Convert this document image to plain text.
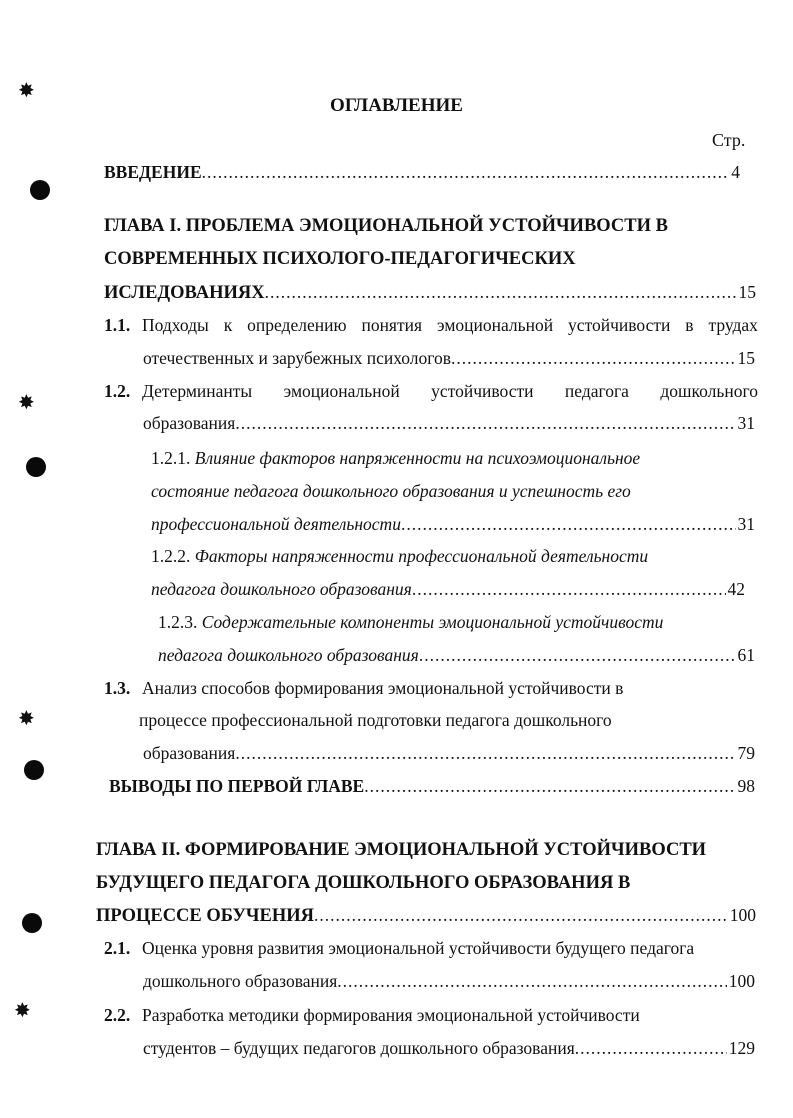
✸
✸
✸
✸
ОГЛАВЛЕНИЕ
Стр.
ВВЕДЕНИЕ .....	4
ГЛАВА I. ПРОБЛЕМА ЭМОЦИОНАЛЬНОЙ УСТОЙЧИВОСТИ В
СОВРЕМЕННЫХ ПСИХОЛОГО-ПЕДАГОГИЧЕСКИХ
ИСЛЕДОВАНИЯХ .....	15
1.1. Подходы к определению понятия эмоциональной устойчивости в трудах
отечественных и зарубежных психологов .....	15
1.2. Детерминанты эмоциональной устойчивости педагога дошкольного
образования .....	31
1.2.1. Влияние факторов напряженности на психоэмоциональное
состояние педагога дошкольного образования и успешность его
профессиональной деятельности .....	31
1.2.2. Факторы напряженности профессиональной деятельности
педагога дошкольного образования .....	42
1.2.3. Содержательные компоненты эмоциональной устойчивости
педагога дошкольного образования .....	61
1.3. Анализ способов формирования эмоциональной устойчивости в
процессе профессиональной подготовки педагога дошкольного
образования .....	79
ВЫВОДЫ ПО ПЕРВОЙ ГЛАВЕ .....	98
ГЛАВА II. ФОРМИРОВАНИЕ ЭМОЦИОНАЛЬНОЙ УСТОЙЧИВОСТИ
БУДУЩЕГО ПЕДАГОГА ДОШКОЛЬНОГО ОБРАЗОВАНИЯ В
ПРОЦЕССЕ ОБУЧЕНИЯ .....	100
2.1. Оценка уровня развития эмоциональной устойчивости будущего педагога
дошкольного образования .....	100
2.2. Разработка методики формирования эмоциональной устойчивости
студентов – будущих педагогов дошкольного образования .....	129
